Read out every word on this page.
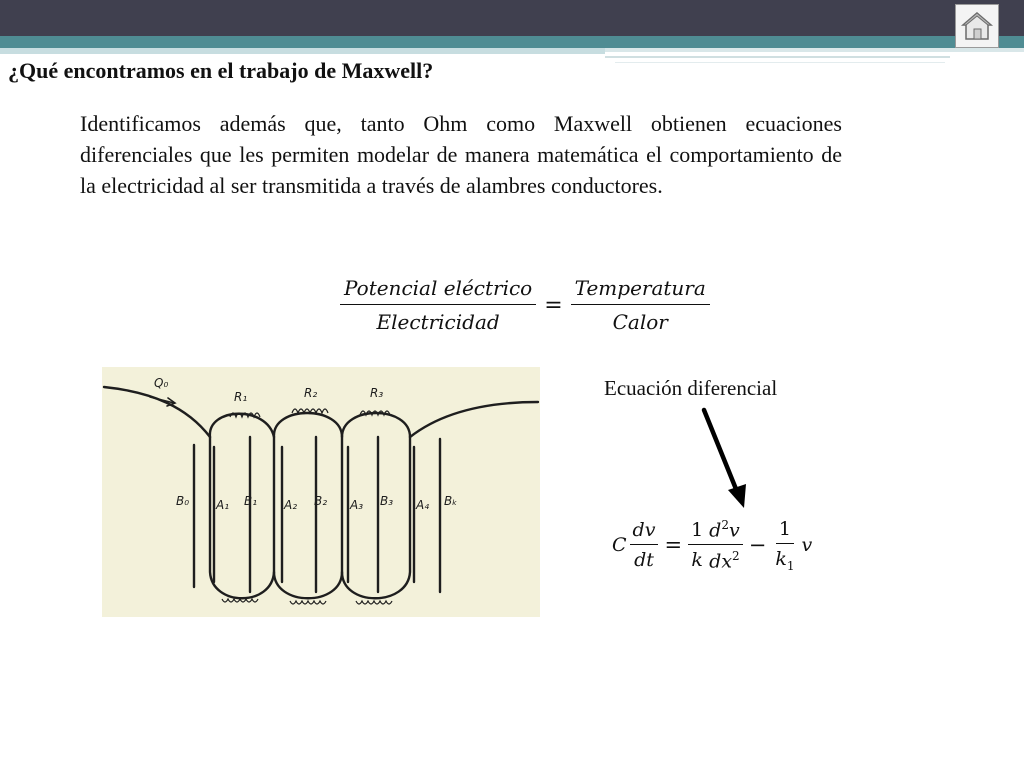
¿Qué encontramos en el trabajo de Maxwell?
Identificamos además que, tanto Ohm como Maxwell obtienen ecuaciones diferenciales que les permiten modelar de manera matemática el comportamiento de la electricidad al ser transmitida a través de alambres conductores.
$\frac{\text{Potencial eléctrico}}{\text{Electricidad}} = \frac{\text{Temperatura}}{\text{Calor}}$
Q₀
R₁	R₂	R₃
B₀ A₁ B₁ A₂ B₂ A₃ B₃ A₄ Bₖ
Ecuación diferencial
C $\frac{dv}{dt} = \frac{1}{k} \frac{d^2v}{dx^2} - \frac{1}{k_1}$ v
